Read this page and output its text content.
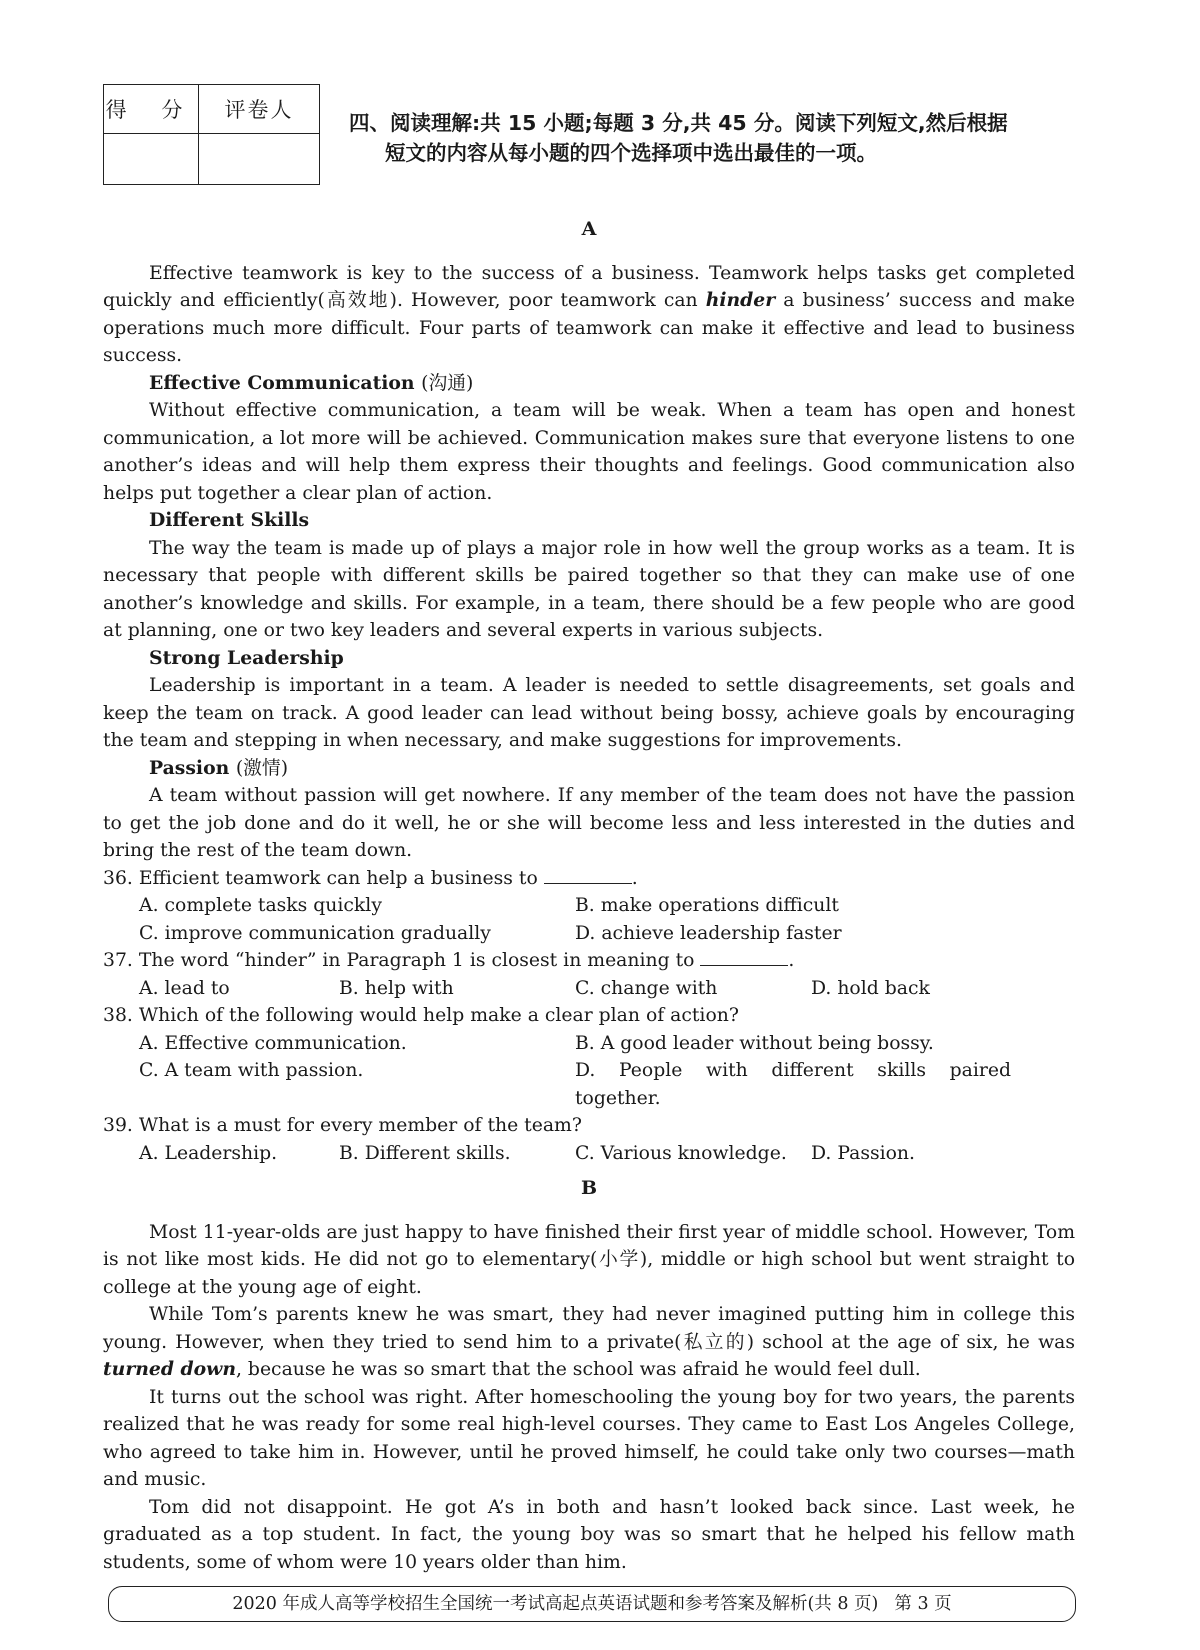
得 分	评卷人

四、阅读理解:共 15 小题;每题 3 分,共 45 分。阅读下列短文,然后根据
短文的内容从每小题的四个选择项中选出最佳的一项。
A

Effective teamwork is key to the success of a business. Teamwork helps tasks get completed quickly and efficiently(高效地). However, poor teamwork can hinder a business’ success and make operations much more difficult. Four parts of teamwork can make it effective and lead to business success.

Effective Communication (沟通)

Without effective communication, a team will be weak. When a team has open and honest communication, a lot more will be achieved. Communication makes sure that everyone listens to one another’s ideas and will help them express their thoughts and feelings. Good communication also helps put together a clear plan of action.

Different Skills

The way the team is made up of plays a major role in how well the group works as a team. It is necessary that people with different skills be paired together so that they can make use of one another’s knowledge and skills. For example, in a team, there should be a few people who are good at planning, one or two key leaders and several experts in various subjects.

Strong Leadership

Leadership is important in a team. A leader is needed to settle disagreements, set goals and keep the team on track. A good leader can lead without being bossy, achieve goals by encouraging the team and stepping in when necessary, and make suggestions for improvements.

Passion (激情)

A team without passion will get nowhere. If any member of the team does not have the passion to get the job done and do it well, he or she will become less and less interested in the duties and bring the rest of the team down.

36. Efficient teamwork can help a business to	.
A. complete tasks quickly	B. make operations difficult
C. improve communication gradually	D. achieve leadership faster
37. The word “hinder” in Paragraph 1 is closest in meaning to	.
A. lead to	B. help with	C. change with	D. hold back
38. Which of the following would help make a clear plan of action?
A. Effective communication.	B. A good leader without being bossy.
C. A team with passion.	D. People with different skills paired together.
39. What is a must for every member of the team?
A. Leadership.	B. Different skills.	C. Various knowledge.	D. Passion.
B

Most 11-year-olds are just happy to have finished their first year of middle school. However, Tom is not like most kids. He did not go to elementary(小学), middle or high school but went straight to college at the young age of eight.

While Tom’s parents knew he was smart, they had never imagined putting him in college this young. However, when they tried to send him to a private(私立的) school at the age of six, he was turned down, because he was so smart that the school was afraid he would feel dull.

It turns out the school was right. After homeschooling the young boy for two years, the parents realized that he was ready for some real high-level courses. They came to East Los Angeles College, who agreed to take him in. However, until he proved himself, he could take only two courses—math and music.

Tom did not disappoint. He got A’s in both and hasn’t looked back since. Last week, he graduated as a top student. In fact, the young boy was so smart that he helped his fellow math students, some of whom were 10 years older than him.

2020 年成人高等学校招生全国统一考试高起点英语试题和参考答案及解析(共 8 页) 第 3 页
